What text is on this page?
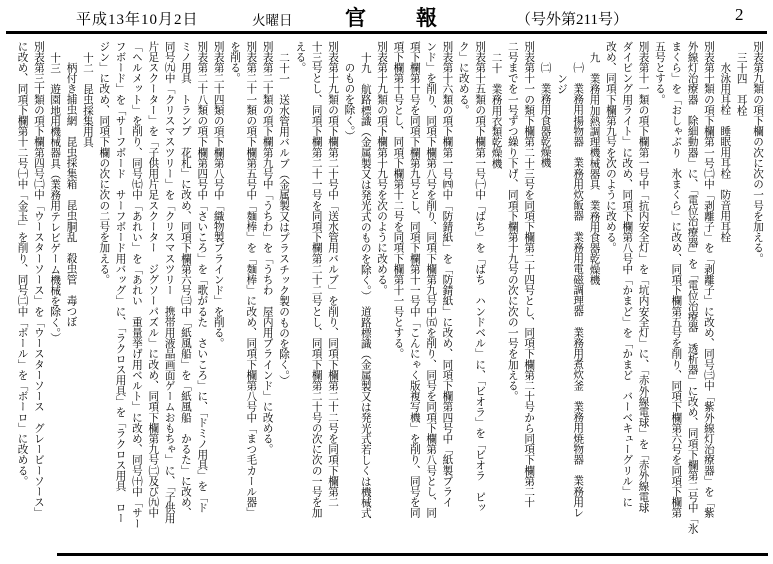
平成13年10月2日	火曜日	官報 （号外第211号）	2

別表第九類の項下欄の次に次の一号を加える。

三十四　耳栓

水泳用耳栓　睡眠用耳栓　防音用耳栓

別表第十類の項下欄第一号㈡中「剥離子」を「剥離子」に改め、同号㈢中「紫外線灯治療器」を「紫

外線灯治療器　除細動器」に、「電位治療器」を「電位治療器　透析器」に改め、同項下欄第二号中「氷

まくら」を「おしゃぶり　氷まくら」に改め、同項下欄第五号を削り、同項下欄第六号を同項下欄第

五号とする。

別表第十一類の項下欄第一号中「抗内安全灯」を「坑内安全灯」に、「赤外線電球」を「赤外線電球

ダイビング用ライト」に改め、同項下欄第八号中「かまど」を「かまど　バーベキューグリル」に

改め、同項下欄第九号を次のように改める。

九　業務用加熱調理機械器具　業務用食器乾燥機

㈠　業務用揚物器　業務用炊飯器　業務用電磁調理器　業務用煮炊釜　業務用焼物器　業務用レ

ンジ

㈡　業務用食器乾燥機

別表第十一の類下欄第二十三号を同項下欄第二十四号とし、同項下欄第二十号から同項下欄第二十

二号までを一号ずつ繰り下げ、同項下欄第十九号の次に次の一号を加える。

二十　業務用衣類乾燥機

別表第十五類の項下欄第一号㈠中「ばち」を「ばち　ハンドベル」に、「ビオラ」を「ビオラ　ピッ

ク」に改める。

別表第十六類の項下欄第一号㈣中「防錆紙」を「防錆紙」に改め、同項下欄第四号中「紙製ブライ

ンド」を削り、同項下欄第八号を削り、同項下欄第九号中㈤を削り、同号を同項下欄第八号とし、同

項下欄第十号を同項下欄第九号とし、同項下欄第十一号中「こんにゃく版複写機」を削り、同号を同

項下欄第十号とし、同項下欄第十二号を同項下欄第十一号とする。

別表第十九類の項下欄第十九号を次のように改める。

十九　航路標識（金属製又は発光式のものを除く。）　道路標識（金属製又は発光式若しくは機械式

のものを除く。）

別表第十九類の項下欄第二十号中「送水管用バルブ」を削り、同項下欄第二十二号を同項下欄第二

十三号とし、同項下欄第二十一号を同項下欄第二十二号とし、同項下欄第二十号の次に次の一号を加

える。

二十一　送水管用バルブ（金属製又はプラスチック製のものを除く。）

別表第二十類の項下欄第九号中「うちわ」を「うちわ　屋内用ブラインド」に改める。

別表第二十一類の項下欄第五号中「麺棒」を「麺棒」に改め、同項下欄第八号中「まつ毛カール器」

を削る。

別表第二十四類の項下欄第八号中「織物製ブラインド」を削る。

別表第二十八類の項下欄第四号中「さいころ」を「歌がるた　さいころ」に、「ドミノ用具」を「ド

ミノ用具　トランプ　花札」に改め、同項下欄第六号㈢中「紙風船」を「紙風船　かるた」に改め、

同号㈨中「クリスマスツリー」を「クリスマスツリー　携帯用液晶画面ゲームおもちゃ」に、「子供用

片足スクーター」を「子供用片足スクーター　ジグソーパズル」に改め、同項下欄第九号㈡及び㈨中

「ヘルメット」を削り、同号㈦中「あれい」を「あれい　重量挙げ用ベルト」に改め、同号㈩中「サー

フボード」を「サーフボード　サーフボード用バッグ」に、「ラクロス用具」を「ラクロス用具　ロー

ジン」に改め、同項下欄の次に次の二号を加える。

十二　昆虫採集用具

柄付き捕虫網　昆虫採集箱　昆虫胴乱　殺虫管　毒つぼ

十三　遊園地用機械器具（業務用テレビゲーム機械を除く。）

別表第三十類の項下欄第四号㈡中「ウースターソース」を「ウースターソース　グレービーソース」

に改め、同項下欄第十二号㈠中「金玉」を削り、同号㈡中「ボール」を「ボーロ」に改める。
